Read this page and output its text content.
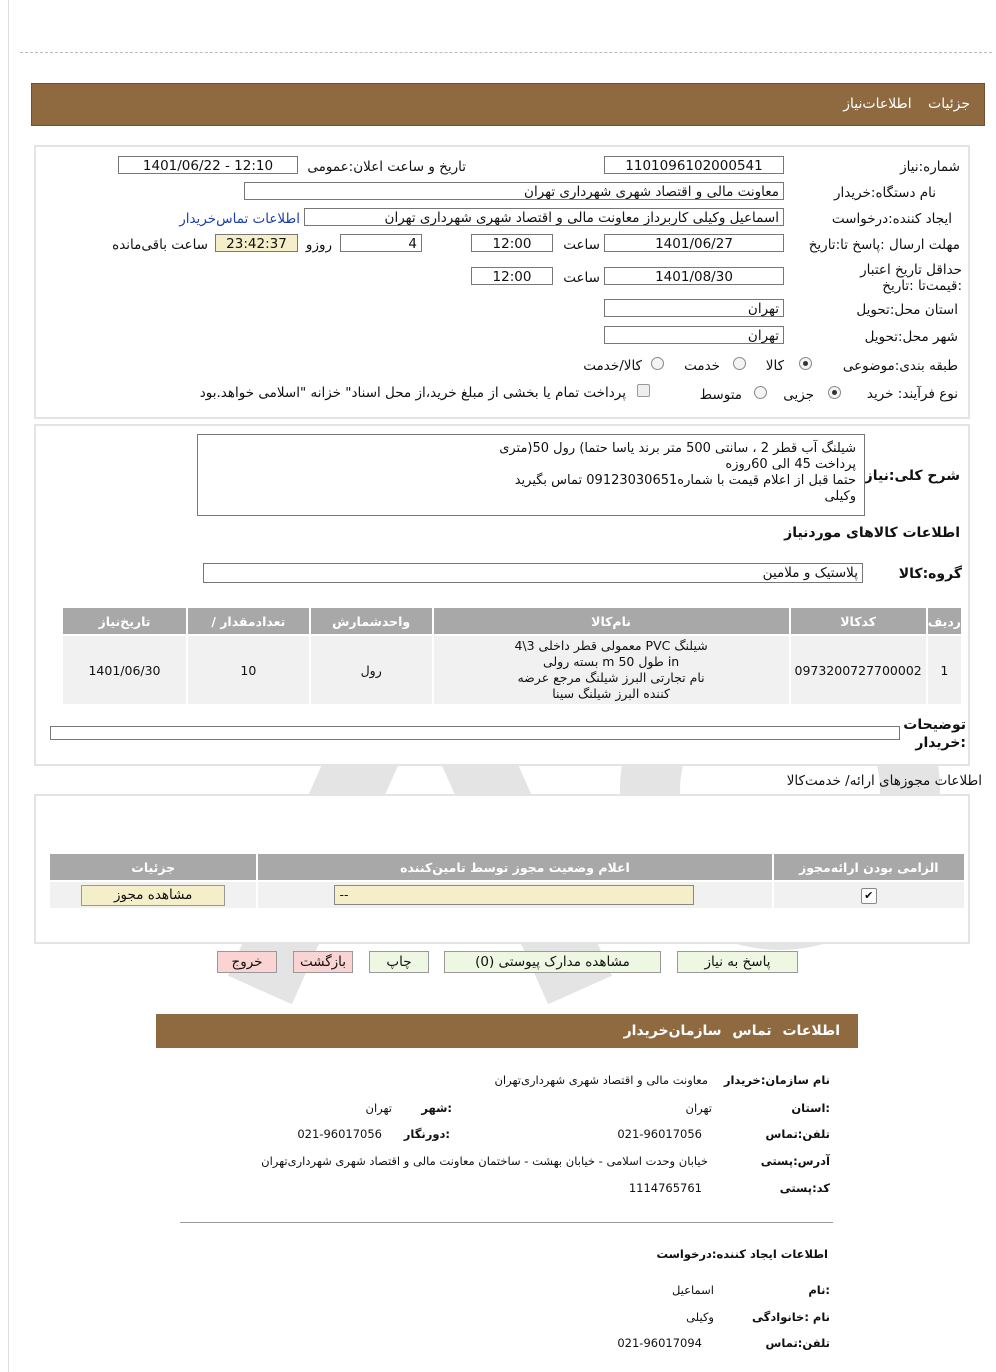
جزئیات اطلاعات‌نیاز
شماره:نیاز
1101096102000541
تاریخ و ساعت اعلان:عمومی
1401/06/22 - 12:10
نام دستگاه:خریدار
معاونت مالی و اقتصاد شهری شهرداری تهران
ایجاد کننده:درخواست
اسماعیل وکیلی کاربرداز معاونت مالی و اقتصاد شهری شهرداری تهران
اطلاعات تماس‌خریدار
مهلت ارسال :پاسخ تا:تاریخ
1401/06/27
ساعت
12:00
4
روزو
23:42:37
ساعت باقی‌مانده
حداقل تاریخ اعتبار :قیمت‌تا :تاریخ
1401/08/30
ساعت
12:00
استان محل:تحویل
تهران
شهر محل:تحویل
تهران
طبقه بندی:موضوعی
کالا
خدمت
کالا/خدمت
نوع فرآیند: خرید
جزیی
متوسط
پرداخت تمام یا بخشی از مبلغ خرید،از محل اسناد" خزانه "اسلامی خواهد.بود
شرح کلی:نیاز
شیلنگ آب قطر 2 ، سانتی 500 متر برند یاسا حتما) رول 50(متری
پرداخت 45 الی 60روزه
حتما قبل از اعلام قیمت با شماره09123030651 تماس بگیرید
وکیلی
اطلاعات کالاهای موردنیاز
گروه:کالا
پلاستیک و ملامین
تاریخ‌نیاز	/ تعدادمقدار	واحدشمارش	نام‌کالا	کدکالا	ردیف
1401/06/30	10	رول	شیلنگ PVC معمولی قطر داخلی 3\4
in طول 50 m بسته رولی
نام تجارتی البرز شیلنگ مرجع عرضه
کننده البرز شیلنگ سینا	0973200727700002	1
توضیحات :خریدار
اطلاعات مجوزهای ارائه/ خدمت‌کالا
جزئیات	اعلام وضعیت مجوز توسط تامین‌کننده	الزامی بودن ارائه‌مجوز
مشاهده مجوز	--	✔
پاسخ به نیاز
مشاهده مدارک پیوستی (0)
چاپ
بازگشت
خروج
اطلاعات تماس سازمان‌خریدار
نام سازمان:خریدار
معاونت مالی و اقتصاد شهری شهرداری‌تهران
:استان
تهران
:شهر
تهران
تلفن:تماس
021-96017056
:دورنگار
021-96017056
آدرس:پستی
خیابان وحدت اسلامی - خیابان بهشت - ساختمان معاونت مالی و اقتصاد شهری شهرداری‌تهران
کد:پستی
1114765761
اطلاعات ایجاد کننده:درخواست
:نام
اسماعیل
نام :خانوادگی
وکیلی
تلفن:تماس
021-96017094
